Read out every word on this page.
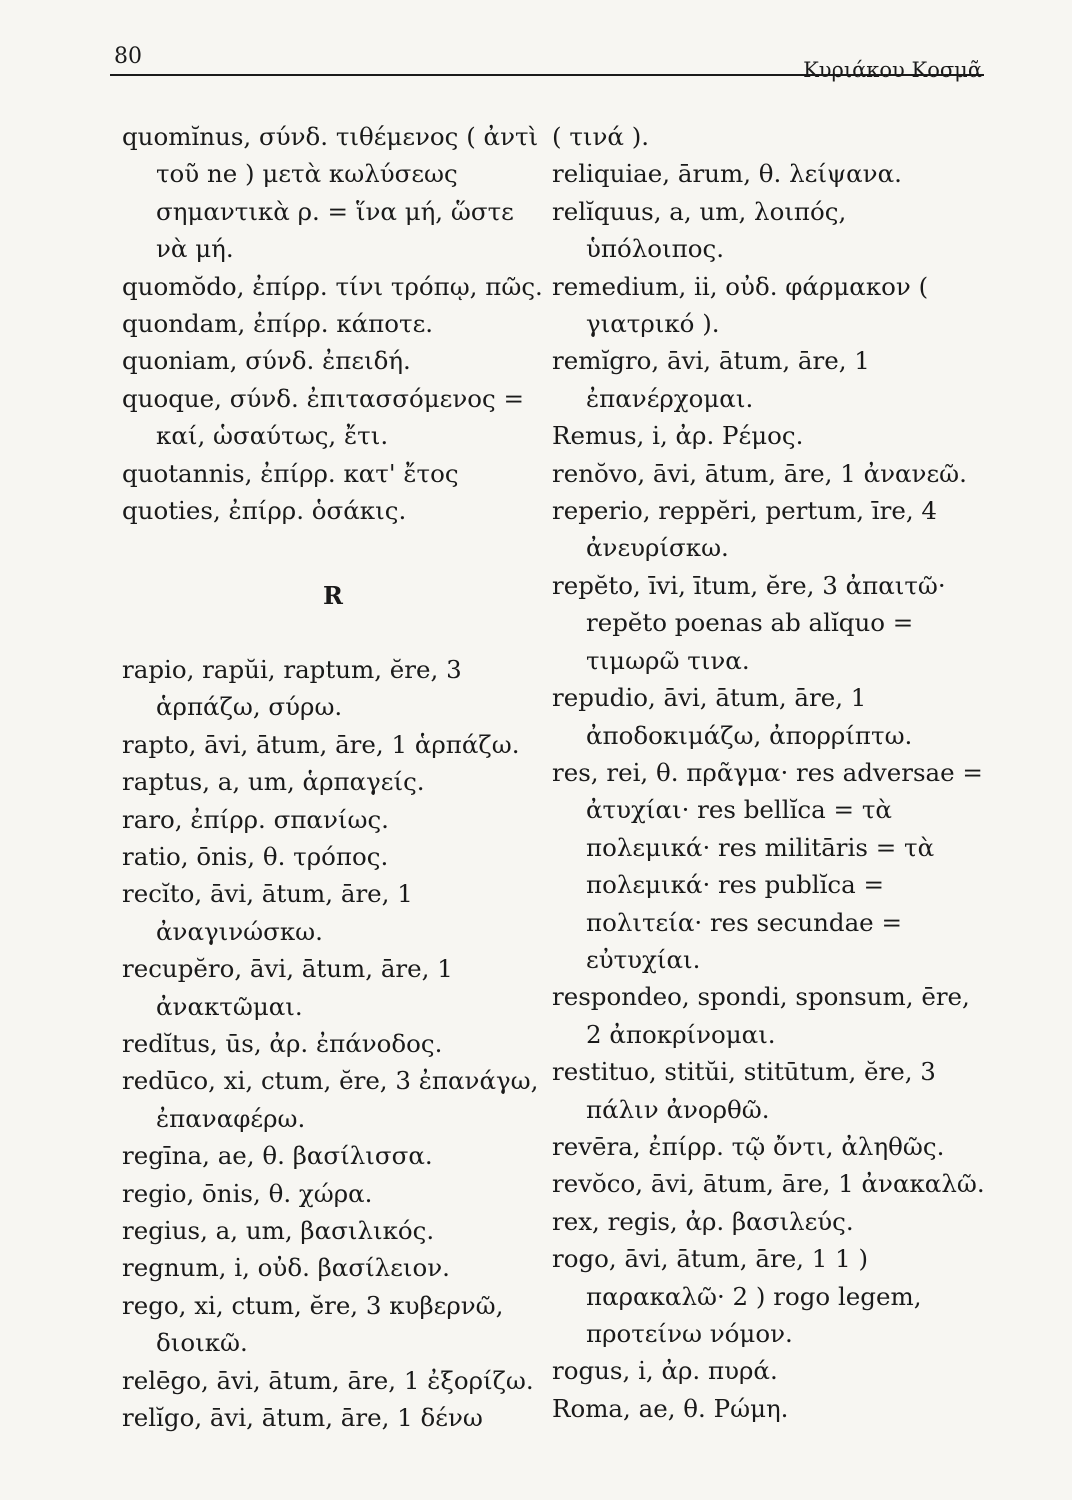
80
Κυριάκου Κοσμᾶ

quomĭnus, σύνδ. τιθέμενος ( ἀντὶ τοῦ ne ) μετὰ κωλύσεως σημαντικὰ ρ. = ἵνα μή, ὥστε νὰ μή.

quomŏdo, ἐπίρρ. τίνι τρόπῳ, πῶς.

quondam, ἐπίρρ. κάποτε.

quoniam, σύνδ. ἐπειδή.

quoque, σύνδ. ἐπιτασσόμενος = καί, ὡσαύτως, ἔτι.

quotannis, ἐπίρρ. κατ' ἔτος

quoties, ἐπίρρ. ὁσάκις.

R

rapio, rapŭi, raptum, ĕre, 3 ἁρπάζω, σύρω.

rapto, āvi, ātum, āre, 1 ἁρπάζω.

raptus, a, um, ἁρπαγείς.

raro, ἐπίρρ. σπανίως.

ratio, ōnis, θ. τρόπος.

recĭto, āvi, ātum, āre, 1 ἀναγινώσκω.

recupĕro, āvi, ātum, āre, 1 ἀνακτῶμαι.

redĭtus, ūs, ἀρ. ἐπάνοδος.

redūco, xi, ctum, ĕre, 3 ἐπανάγω, ἐπαναφέρω.

regīna, ae, θ. βασίλισσα.

regio, ōnis, θ. χώρα.

regius, a, um, βασιλικός.

regnum, i, οὐδ. βασίλειον.

rego, xi, ctum, ĕre, 3 κυβερνῶ, διοικῶ.

relēgo, āvi, ātum, āre, 1 ἐξορίζω.

relĭgo, āvi, ātum, āre, 1 δένω

( τινά ).

reliquiae, ārum, θ. λείψανα.

relĭquus, a, um, λοιπός, ὑπόλοιπος.

remedium, ii, οὐδ. φάρμακον ( γιατρικό ).

remĭgro, āvi, ātum, āre, 1 ἐπανέρχομαι.

Remus, i, ἀρ. Ρέμος.

renŏvo, āvi, ātum, āre, 1 ἀνανεῶ.

reperio, reppĕri, pertum, īre, 4 ἀνευρίσκω.

repĕto, īvi, ītum, ĕre, 3 ἀπαιτῶ· repĕto poenas ab alĭquo = τιμωρῶ τινα.

repudio, āvi, ātum, āre, 1 ἀποδοκιμάζω, ἀπορρίπτω.

res, rei, θ. πρᾶγμα· res adversae = ἀτυχίαι· res bellĭca = τὰ πολεμικά· res militāris = τὰ πολεμικά· res publĭca = πολιτεία· res secundae = εὐτυχίαι.

respondeo, spondi, sponsum, ēre, 2 ἀποκρίνομαι.

restituo, stitŭi, stitūtum, ĕre, 3 πάλιν ἀνορθῶ.

revēra, ἐπίρρ. τῷ ὄντι, ἀληθῶς.

revŏco, āvi, ātum, āre, 1 ἀνακαλῶ.

rex, regis, ἀρ. βασιλεύς.

rogo, āvi, ātum, āre, 1 1 ) παρακαλῶ· 2 ) rogo legem, προτείνω νόμον.

rogus, i, ἀρ. πυρά.

Roma, ae, θ. Ρώμη.
